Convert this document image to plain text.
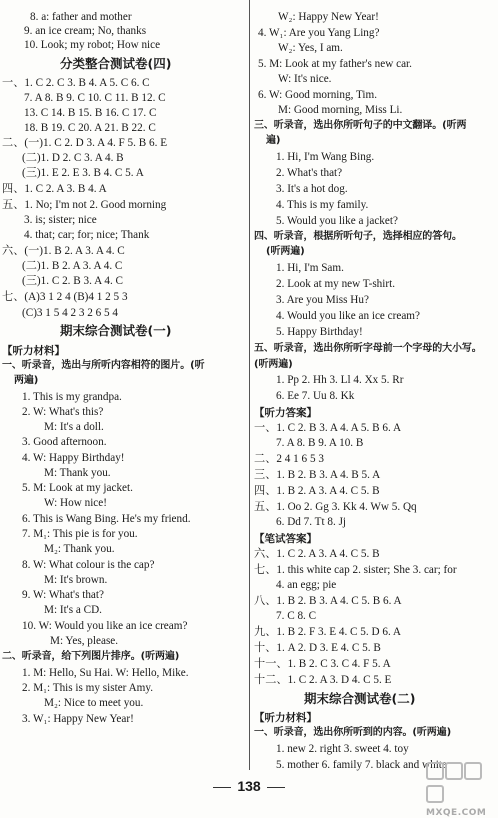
8. a: father and mother
9. an ice cream; No, thanks
10. Look; my robot; How nice
分类整合测试卷(四)
一、1. C 2. C 3. B 4. A 5. C 6. C
7. A 8. B 9. C 10. C 11. B 12. C
13. C 14. B 15. B 16. C 17. C
18. B 19. C 20. A 21. B 22. C
二、(一)1. C 2. D 3. A 4. F 5. B 6. E
(二)1. D 2. C 3. A 4. B
(三)1. E 2. E 3. B 4. C 5. A
四、1. C 2. A 3. B 4. A
五、1. No; I'm not 2. Good morning
3. is; sister; nice
4. that; car; for; nice; Thank
六、(一)1. B 2. A 3. A 4. C
(二)1. B 2. A 3. A 4. C
(三)1. C 2. B 3. A 4. C
七、(A)3 1 2 4 (B)4 1 2 5 3
(C)3 1 5 4 2 3 2 6 5 4
期末综合测试卷(一)
【听力材料】
一、听录音，选出与所听内容相符的图片。(听
两遍)
1. This is my grandpa.
2. W: What's this?
M: It's a doll.
3. Good afternoon.
4. W: Happy Birthday!
M: Thank you.
5. M: Look at my jacket.
W: How nice!
6. This is Wang Bing. He's my friend.
7. M₁: This pie is for you.
M₂: Thank you.
8. W: What colour is the cap?
M: It's brown.
9. W: What's that?
M: It's a CD.
10. W: Would you like an ice cream?
M: Yes, please.
二、听录音，给下列图片排序。(听两遍)
1. M: Hello, Su Hai. W: Hello, Mike.
2. M₁: This is my sister Amy.
M₂: Nice to meet you.
3. W₁: Happy New Year!
W₂: Happy New Year!
4. W₁: Are you Yang Ling?
W₂: Yes, I am.
5. M: Look at my father's new car.
W: It's nice.
6. W: Good morning, Tim.
M: Good morning, Miss Li.
三、听录音，选出你所听句子的中文翻译。(听两
遍)
1. Hi, I'm Wang Bing.
2. What's that?
3. It's a hot dog.
4. This is my family.
5. Would you like a jacket?
四、听录音，根据所听句子，选择相应的答句。
(听两遍)
1. Hi, I'm Sam.
2. Look at my new T-shirt.
3. Are you Miss Hu?
4. Would you like an ice cream?
5. Happy Birthday!
五、听录音，选出你所听字母前一个字母的大小写。(听两遍)
1. Pp 2. Hh 3. Ll 4. Xx 5. Rr
6. Ee 7. Uu 8. Kk
【听力答案】
一、1. C 2. B 3. A 4. A 5. B 6. A
7. A 8. B 9. A 10. B
二、2 4 1 6 5 3
三、1. B 2. B 3. A 4. B 5. A
四、1. B 2. A 3. A 4. C 5. B
五、1. Oo 2. Gg 3. Kk 4. Ww 5. Qq
6. Dd 7. Tt 8. Jj
【笔试答案】
六、1. C 2. A 3. A 4. C 5. B
七、1. this white cap 2. sister; She 3. car; for
4. an egg; pie
八、1. B 2. B 3. A 4. C 5. B 6. A
7. C 8. C
九、1. B 2. F 3. E 4. C 5. D 6. A
十、1. A 2. D 3. E 4. C 5. B
十一、1. B 2. C 3. C 4. F 5. A
十二、1. C 2. A 3. D 4. C 5. E
期末综合测试卷(二)
【听力材料】
一、听录音，选出你所听到的内容。(听两遍)
1. new 2. right 3. sweet 4. toy
5. mother 6. family 7. black and white
138
MXQE.COM
